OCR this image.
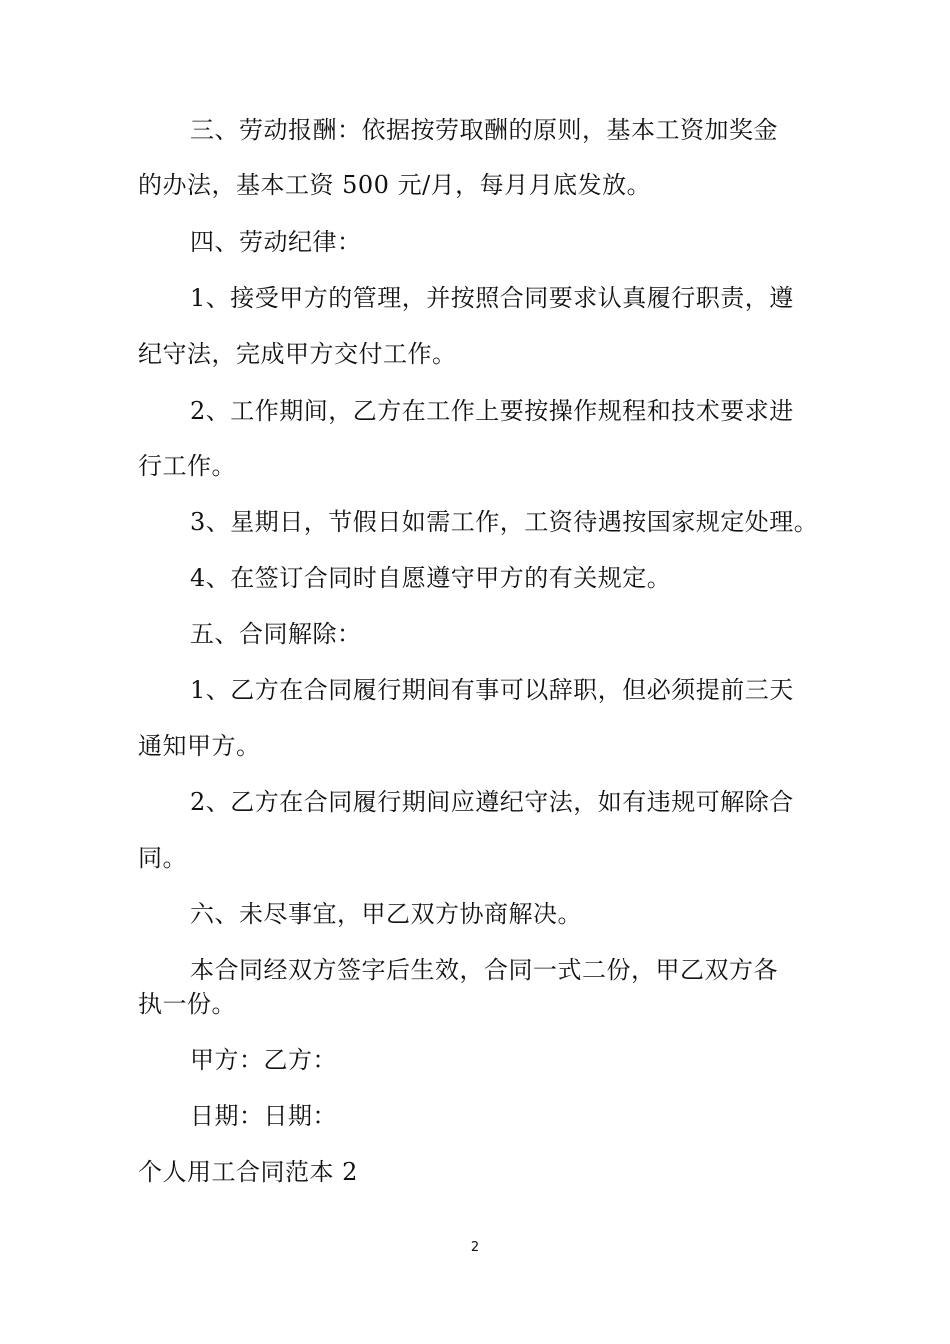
三、劳动报酬：依据按劳取酬的原则，基本工资加奖金
的办法，基本工资 500 元/月，每月月底发放。
四、劳动纪律：
1、接受甲方的管理，并按照合同要求认真履行职责，遵
纪守法，完成甲方交付工作。
2、工作期间，乙方在工作上要按操作规程和技术要求进
行工作。
3、星期日，节假日如需工作，工资待遇按国家规定处理。
4、在签订合同时自愿遵守甲方的有关规定。
五、合同解除：
1、乙方在合同履行期间有事可以辞职，但必须提前三天
通知甲方。
2、乙方在合同履行期间应遵纪守法，如有违规可解除合
同。
六、未尽事宜，甲乙双方协商解决。
本合同经双方签字后生效，合同一式二份，甲乙双方各
执一份。
甲方：乙方：
日期：日期：
个人用工合同范本 2
2
